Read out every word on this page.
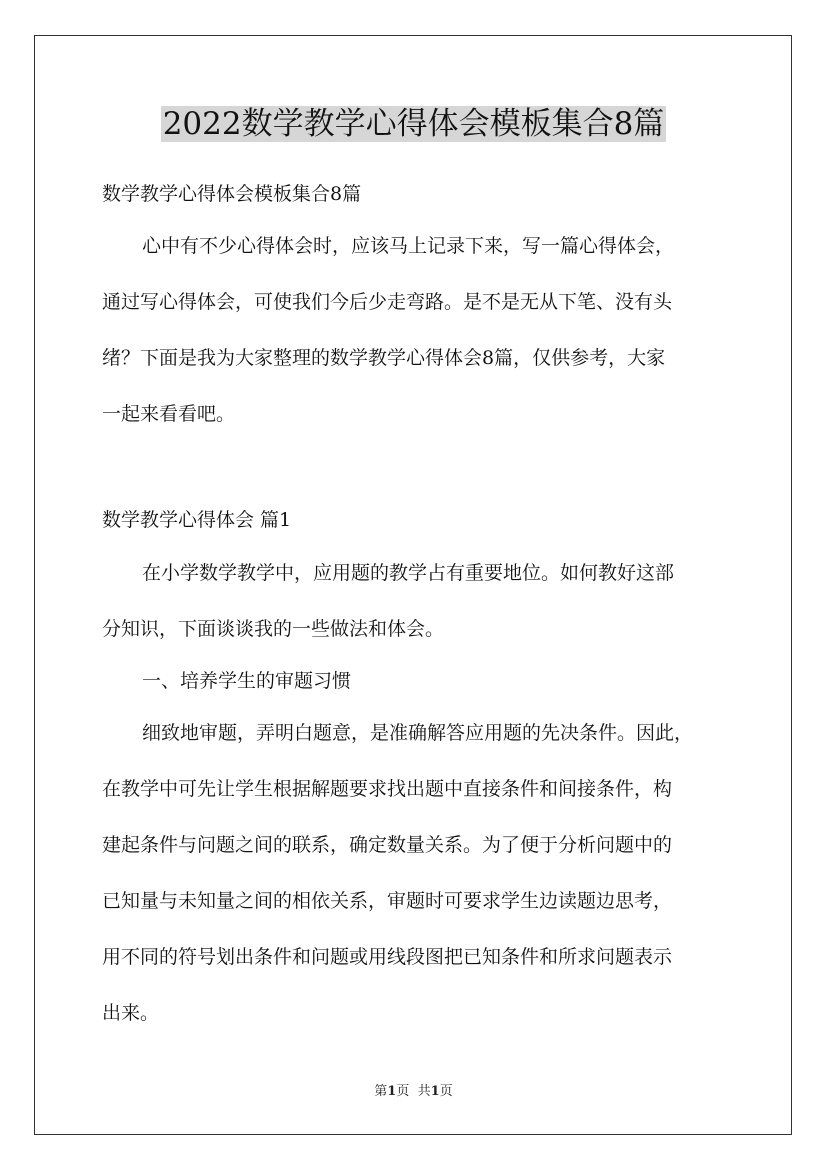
2022数学教学心得体会模板集合8篇
数学教学心得体会模板集合8篇
心中有不少心得体会时，应该马上记录下来，写一篇心得体会，
通过写心得体会，可使我们今后少走弯路。是不是无从下笔、没有头
绪？下面是我为大家整理的数学教学心得体会8篇，仅供参考，大家
一起来看看吧。
数学教学心得体会 篇1
在小学数学教学中，应用题的教学占有重要地位。如何教好这部
分知识，下面谈谈我的一些做法和体会。
一、培养学生的审题习惯
细致地审题，弄明白题意，是准确解答应用题的先决条件。因此，
在教学中可先让学生根据解题要求找出题中直接条件和间接条件，构
建起条件与问题之间的联系，确定数量关系。为了便于分析问题中的
已知量与未知量之间的相依关系，审题时可要求学生边读题边思考，
用不同的符号划出条件和问题或用线段图把已知条件和所求问题表示
出来。
第1页 共1页
